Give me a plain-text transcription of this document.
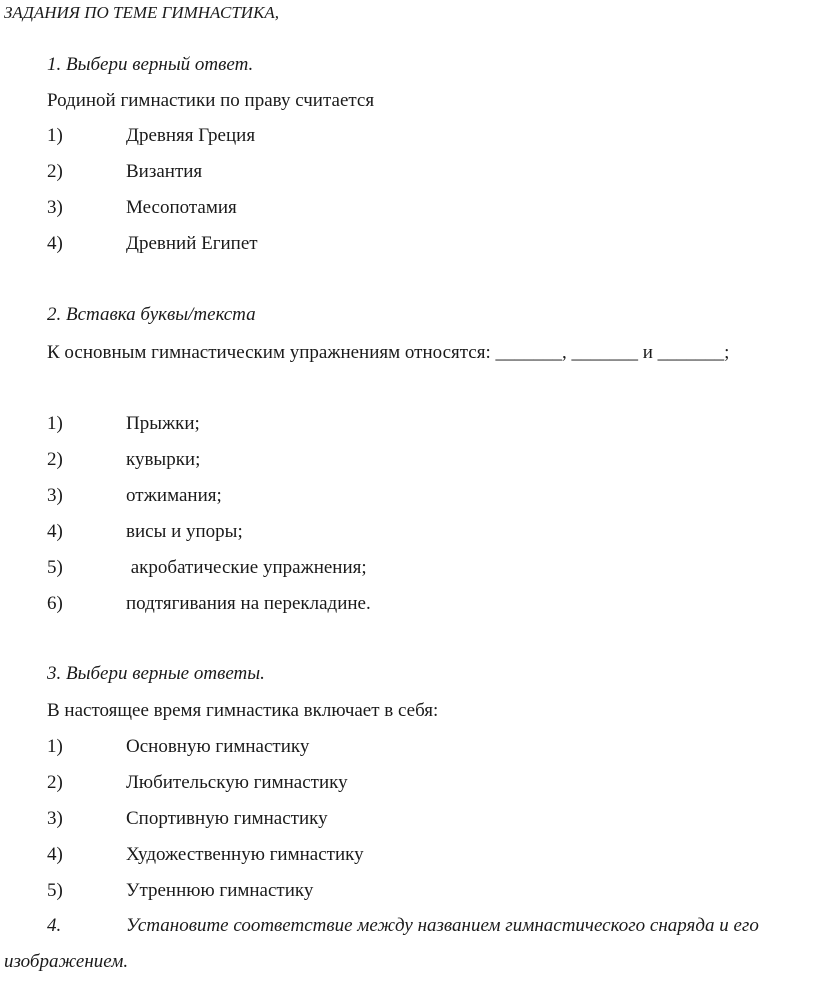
ЗАДАНИЯ ПО ТЕМЕ ГИМНАСТИКА,
1. Выбери верный ответ.
Родиной гимнастики по праву считается
1)	Древняя Греция
2)	Византия
3)	Месопотамия
4)	Древний Египет
2. Вставка буквы/текста
К основным гимнастическим упражнениям относятся: _______, _______ и _______;
1)	Прыжки;
2)	кувырки;
3)	отжимания;
4)	висы и упоры;
5)	акробатические упражнения;
6)	подтягивания на перекладине.
3. Выбери верные ответы.
В настоящее время гимнастика включает в себя:
1)	Основную гимнастику
2)	Любительскую гимнастику
3)	Спортивную гимнастику
4)	Художественную гимнастику
5)	Утреннюю гимнастику
4.	Установите соответствие между названием гимнастического снаряда и его
изображением.
